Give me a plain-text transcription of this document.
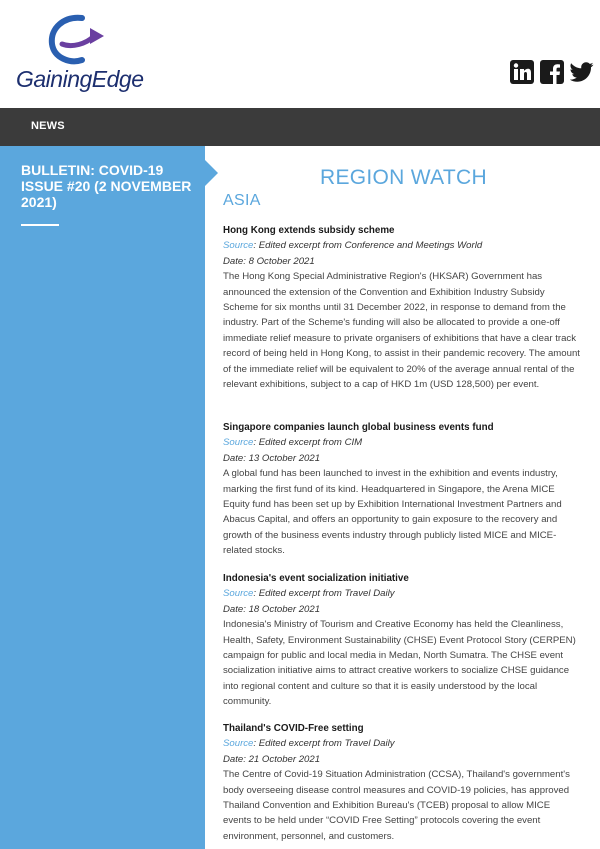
GainingEdge
NEWS
BULLETIN: COVID-19 ISSUE #20 (2 NOVEMBER 2021)
REGION WATCH
ASIA
Hong Kong extends subsidy scheme
Source: Edited excerpt from Conference and Meetings World
Date: 8 October 2021
The Hong Kong Special Administrative Region's (HKSAR) Government has announced the extension of the Convention and Exhibition Industry Subsidy Scheme for six months until 31 December 2022, in response to demand from the industry. Part of the Scheme's funding will also be allocated to provide a one-off immediate relief measure to private organisers of exhibitions that have a clear track record of being held in Hong Kong, to assist in their pandemic recovery. The amount of the immediate relief will be equivalent to 20% of the average annual rental of the relevant exhibitions, subject to a cap of HKD 1m (USD 128,500) per event.
Singapore companies launch global business events fund
Source: Edited excerpt from CIM
Date: 13 October 2021
A global fund has been launched to invest in the exhibition and events industry, marking the first fund of its kind. Headquartered in Singapore, the Arena MICE Equity fund has been set up by Exhibition International Investment Partners and Abacus Capital, and offers an opportunity to gain exposure to the recovery and growth of the business events industry through publicly listed MICE and MICE-related stocks.
Indonesia's event socialization initiative
Source: Edited excerpt from Travel Daily
Date: 18 October 2021
Indonesia's Ministry of Tourism and Creative Economy has held the Cleanliness, Health, Safety, Environment Sustainability (CHSE) Event Protocol Story (CERPEN) campaign for public and local media in Medan, North Sumatra. The CHSE event socialization initiative aims to attract creative workers to socialize CHSE guidance into regional content and culture so that it is easily understood by the local community.
Thailand's COVID-Free setting
Source: Edited excerpt from Travel Daily
Date: 21 October 2021
The Centre of Covid-19 Situation Administration (CCSA), Thailand's government's body overseeing disease control measures and COVID-19 policies, has approved Thailand Convention and Exhibition Bureau's (TCEB) proposal to allow MICE events to be held under “COVID Free Setting” protocols covering the event environment, personnel, and customers.
